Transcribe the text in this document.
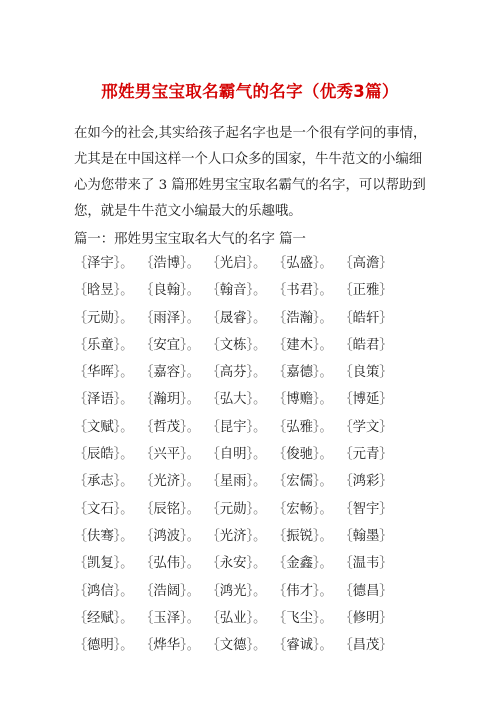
邢姓男宝宝取名霸气的名字（优秀3篇）

在如今的社会,其实给孩子起名字也是一个很有学问的事情，

尤其是在中国这样一个人口众多的国家，牛牛范文的小编细

心为您带来了 3 篇邢姓男宝宝取名霸气的名字，可以帮助到

您，就是牛牛范文小编最大的乐趣哦。

篇一：邢姓男宝宝取名大气的名字 篇一
｛泽宇｝。 ｛浩博｝。 ｛光启｝。 ｛弘盛｝。 ｛高澹｝
｛晗昱｝。 ｛良翰｝。 ｛翰音｝。 ｛书君｝。 ｛正雅｝
｛元勋｝。 ｛雨泽｝。 ｛晟睿｝。 ｛浩瀚｝。 ｛皓轩｝
｛乐童｝。 ｛安宜｝。 ｛文栋｝。 ｛建木｝。 ｛皓君｝
｛华晖｝。 ｛嘉容｝。 ｛高芬｝。 ｛嘉德｝。 ｛良策｝
｛泽语｝。 ｛瀚玥｝。 ｛弘大｝。 ｛博赡｝。 ｛博延｝
｛文赋｝。 ｛哲茂｝。 ｛昆宇｝。 ｛弘雅｝。 ｛学文｝
｛辰皓｝。 ｛兴平｝。 ｛自明｝。 ｛俊驰｝。 ｛元青｝
｛承志｝。 ｛光济｝。 ｛星雨｝。 ｛宏儒｝。 ｛鸿彩｝
｛文石｝。 ｛辰铭｝。 ｛元勋｝。 ｛宏畅｝。 ｛智宇｝
｛伕骞｝。 ｛鸿波｝。 ｛光济｝。 ｛振锐｝。 ｛翰墨｝
｛凯复｝。 ｛弘伟｝。 ｛永安｝。 ｛金鑫｝。 ｛温韦｝
｛鸿信｝。 ｛浩阔｝。 ｛鸿光｝。 ｛伟才｝。 ｛德昌｝
｛经赋｝。 ｛玉泽｝。 ｛弘业｝。 ｛飞尘｝。 ｛修明｝
｛德明｝。 ｛烨华｝。 ｛文德｝。 ｛睿诚｝。 ｛昌茂｝
